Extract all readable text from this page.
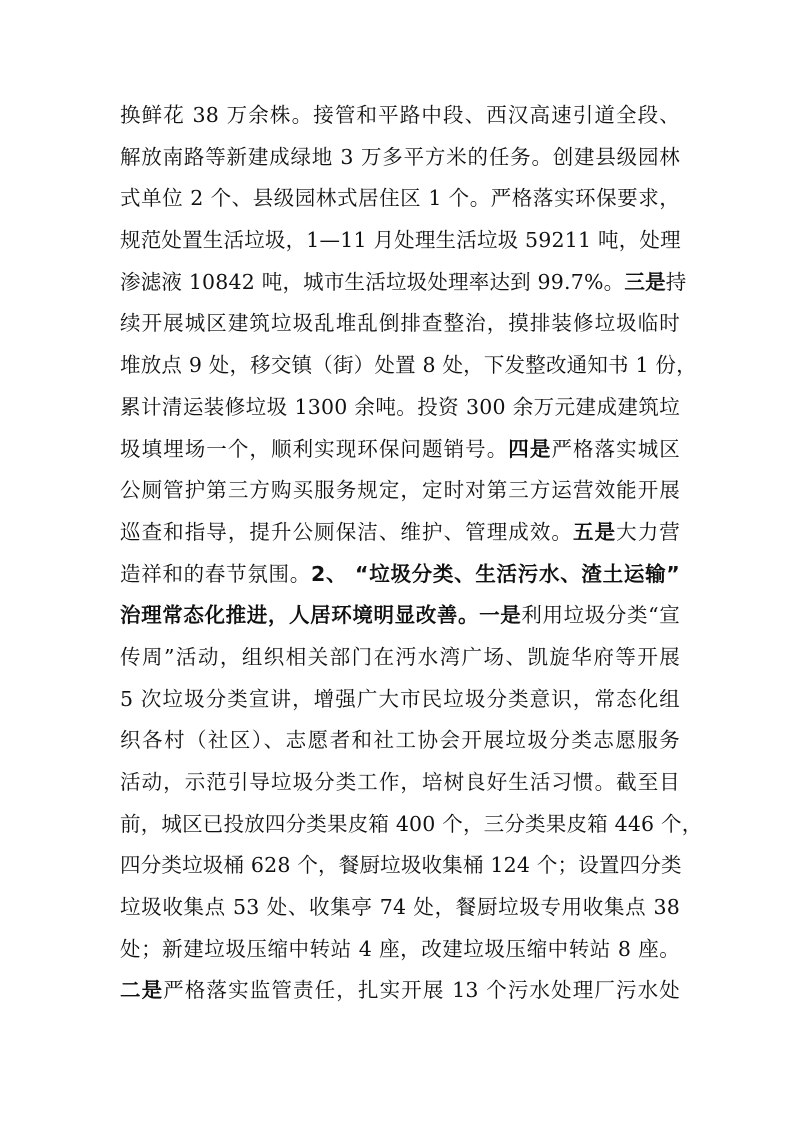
换鲜花 38 万余株。接管和平路中段、西汉高速引道全段、
解放南路等新建成绿地 3 万多平方米的任务。创建县级园林
式单位 2 个、县级园林式居住区 1 个。严格落实环保要求，
规范处置生活垃圾，1—11 月处理生活垃圾 59211 吨，处理
渗滤液 10842 吨，城市生活垃圾处理率达到 99.7%。三是持
续开展城区建筑垃圾乱堆乱倒排查整治，摸排装修垃圾临时
堆放点 9 处，移交镇（街）处置 8 处，下发整改通知书 1 份，
累计清运装修垃圾 1300 余吨。投资 300 余万元建成建筑垃
圾填埋场一个，顺利实现环保问题销号。四是严格落实城区
公厕管护第三方购买服务规定，定时对第三方运营效能开展
巡查和指导，提升公厕保洁、维护、管理成效。五是大力营
造祥和的春节氛围。2、 “垃圾分类、生活污水、渣土运输”
治理常态化推进，人居环境明显改善。一是利用垃圾分类“宣
传周”活动，组织相关部门在沔水湾广场、凯旋华府等开展
5 次垃圾分类宣讲，增强广大市民垃圾分类意识，常态化组
织各村（社区）、志愿者和社工协会开展垃圾分类志愿服务
活动，示范引导垃圾分类工作，培树良好生活习惯。截至目
前，城区已投放四分类果皮箱 400 个，三分类果皮箱 446 个，
四分类垃圾桶 628 个，餐厨垃圾收集桶 124 个；设置四分类
垃圾收集点 53 处、收集亭 74 处，餐厨垃圾专用收集点 38
处；新建垃圾压缩中转站 4 座，改建垃圾压缩中转站 8 座。
二是严格落实监管责任，扎实开展 13 个污水处理厂污水处
